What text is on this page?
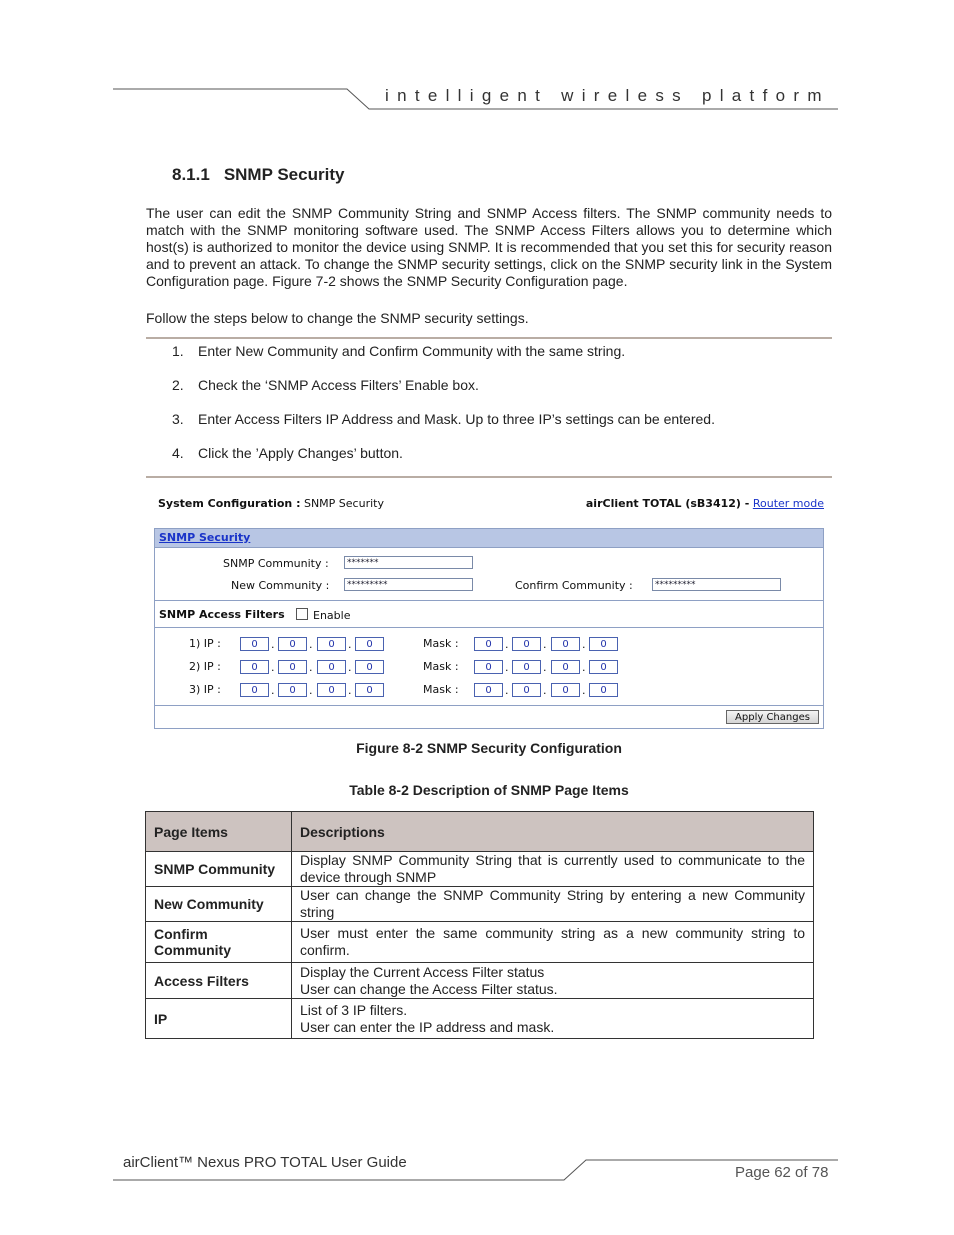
intelligent wireless platform
8.1.1 SNMP Security
The user can edit the SNMP Community String and SNMP Access filters. The SNMP community needs to match with the SNMP monitoring software used. The SNMP Access Filters allows you to determine which host(s) is authorized to monitor the device using SNMP. It is recommended that you set this for security reason and to prevent an attack. To change the SNMP security settings, click on the SNMP security link in the System Configuration page. Figure 7-2 shows the SNMP Security Configuration page.
Follow the steps below to change the SNMP security settings.
1. Enter New Community and Confirm Community with the same string.
2. Check the ‘SNMP Access Filters’ Enable box.
3. Enter Access Filters IP Address and Mask. Up to three IP’s settings can be entered.
4. Click the ’Apply Changes’ button.
System Configuration : SNMP Security	airClient TOTAL (sB3412) - Router mode
SNMP Security
SNMP Community :	*******
New Community :	*********	Confirm Community :	*********
SNMP Access Filters	Enable
1) IP :	0	.	0	.	0	.	0	Mask :	0	.	0	.	0	.	0
2) IP :	0	.	0	.	0	.	0	Mask :	0	.	0	.	0	.	0
3) IP :	0	.	0	.	0	.	0	Mask :	0	.	0	.	0	.	0
Apply Changes
Figure 8-2 SNMP Security Configuration
Table 8-2 Description of SNMP Page Items
Page Items	Descriptions
SNMP Community	Display SNMP Community String that is currently used to communicate to the device through SNMP
New Community	User can change the SNMP Community String by entering a new Community string
Confirm Community	User must enter the same community string as a new community string to confirm.
Access Filters	Display the Current Access Filter status
User can change the Access Filter status.
IP	List of 3 IP filters.
User can enter the IP address and mask.
airClient™ Nexus PRO TOTAL User Guide
Page 62 of 78
